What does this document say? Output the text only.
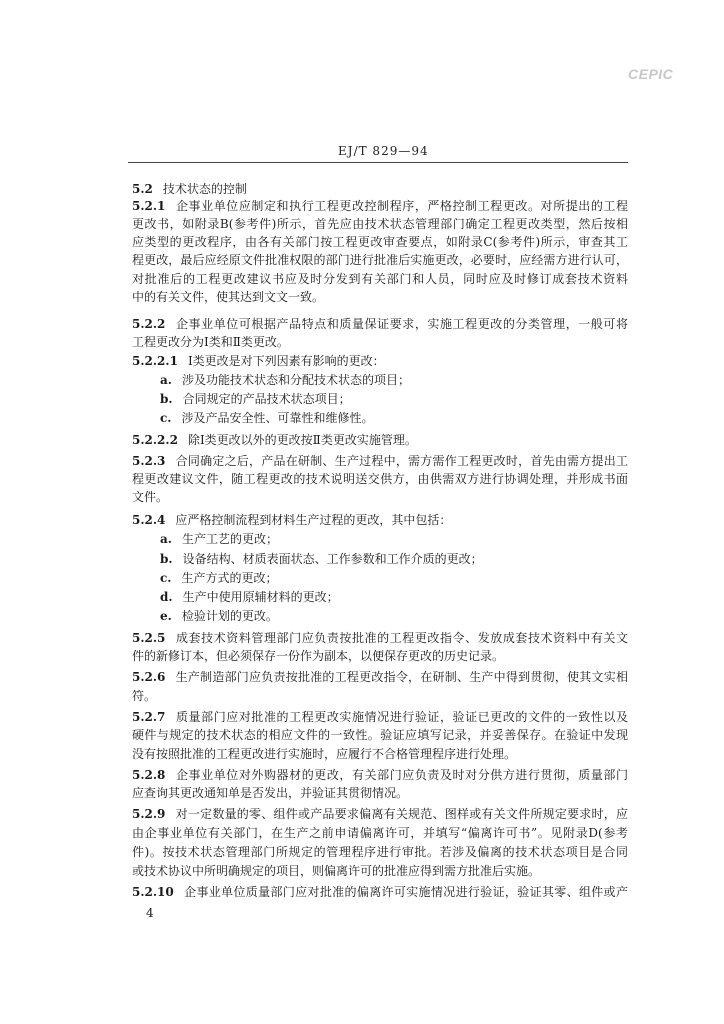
CEPIC
EJ/T 829—94
5.2 技术状态的控制
5.2.1 企事业单位应制定和执行工程更改控制程序，严格控制工程更改。对所提出的工程
更改书，如附录B(参考件)所示，首先应由技术状态管理部门确定工程更改类型，然后按相
应类型的更改程序，由各有关部门按工程更改审查要点，如附录C(参考件)所示，审查其工
程更改，最后应经原文件批准权限的部门进行批准后实施更改，必要时，应经需方进行认可，
对批准后的工程更改建议书应及时分发到有关部门和人员，同时应及时修订成套技术资料
中的有关文件，使其达到文文一致。
5.2.2 企事业单位可根据产品特点和质量保证要求，实施工程更改的分类管理，一般可将
工程更改分为Ⅰ类和Ⅱ类更改。
5.2.2.1 Ⅰ类更改是对下列因素有影响的更改：
a. 涉及功能技术状态和分配技术状态的项目；
b. 合同规定的产品技术状态项目；
c. 涉及产品安全性、可靠性和维修性。
5.2.2.2 除Ⅰ类更改以外的更改按Ⅱ类更改实施管理。
5.2.3 合同确定之后，产品在研制、生产过程中，需方需作工程更改时，首先由需方提出工
程更改建议文件，随工程更改的技术说明送交供方，由供需双方进行协调处理，并形成书面
文件。
5.2.4 应严格控制流程到材料生产过程的更改，其中包括：
a. 生产工艺的更改；
b. 设备结构、材质表面状态、工作参数和工作介质的更改；
c. 生产方式的更改；
d. 生产中使用原辅材料的更改；
e. 检验计划的更改。
5.2.5 成套技术资料管理部门应负责按批准的工程更改指令、发放成套技术资料中有关文
件的新修订本，但必须保存一份作为副本，以便保存更改的历史记录。
5.2.6 生产制造部门应负责按批准的工程更改指令，在研制、生产中得到贯彻，使其文实相
符。
5.2.7 质量部门应对批准的工程更改实施情况进行验证，验证已更改的文件的一致性以及
硬件与规定的技术状态的相应文件的一致性。验证应填写记录，并妥善保存。在验证中发现
没有按照批准的工程更改进行实施时，应履行不合格管理程序进行处理。
5.2.8 企事业单位对外购器材的更改，有关部门应负责及时对分供方进行贯彻，质量部门
应查询其更改通知单是否发出，并验证其贯彻情况。
5.2.9 对一定数量的零、组件或产品要求偏离有关规范、图样或有关文件所规定要求时，应
由企事业单位有关部门，在生产之前申请偏离许可，并填写“偏离许可书”。见附录D(参考
件)。按技术状态管理部门所规定的管理程序进行审批。若涉及偏离的技术状态项目是合同
或技术协议中所明确规定的项目，则偏离许可的批准应得到需方批准后实施。
5.2.10 企事业单位质量部门应对批准的偏离许可实施情况进行验证，验证其零、组件或产
4
